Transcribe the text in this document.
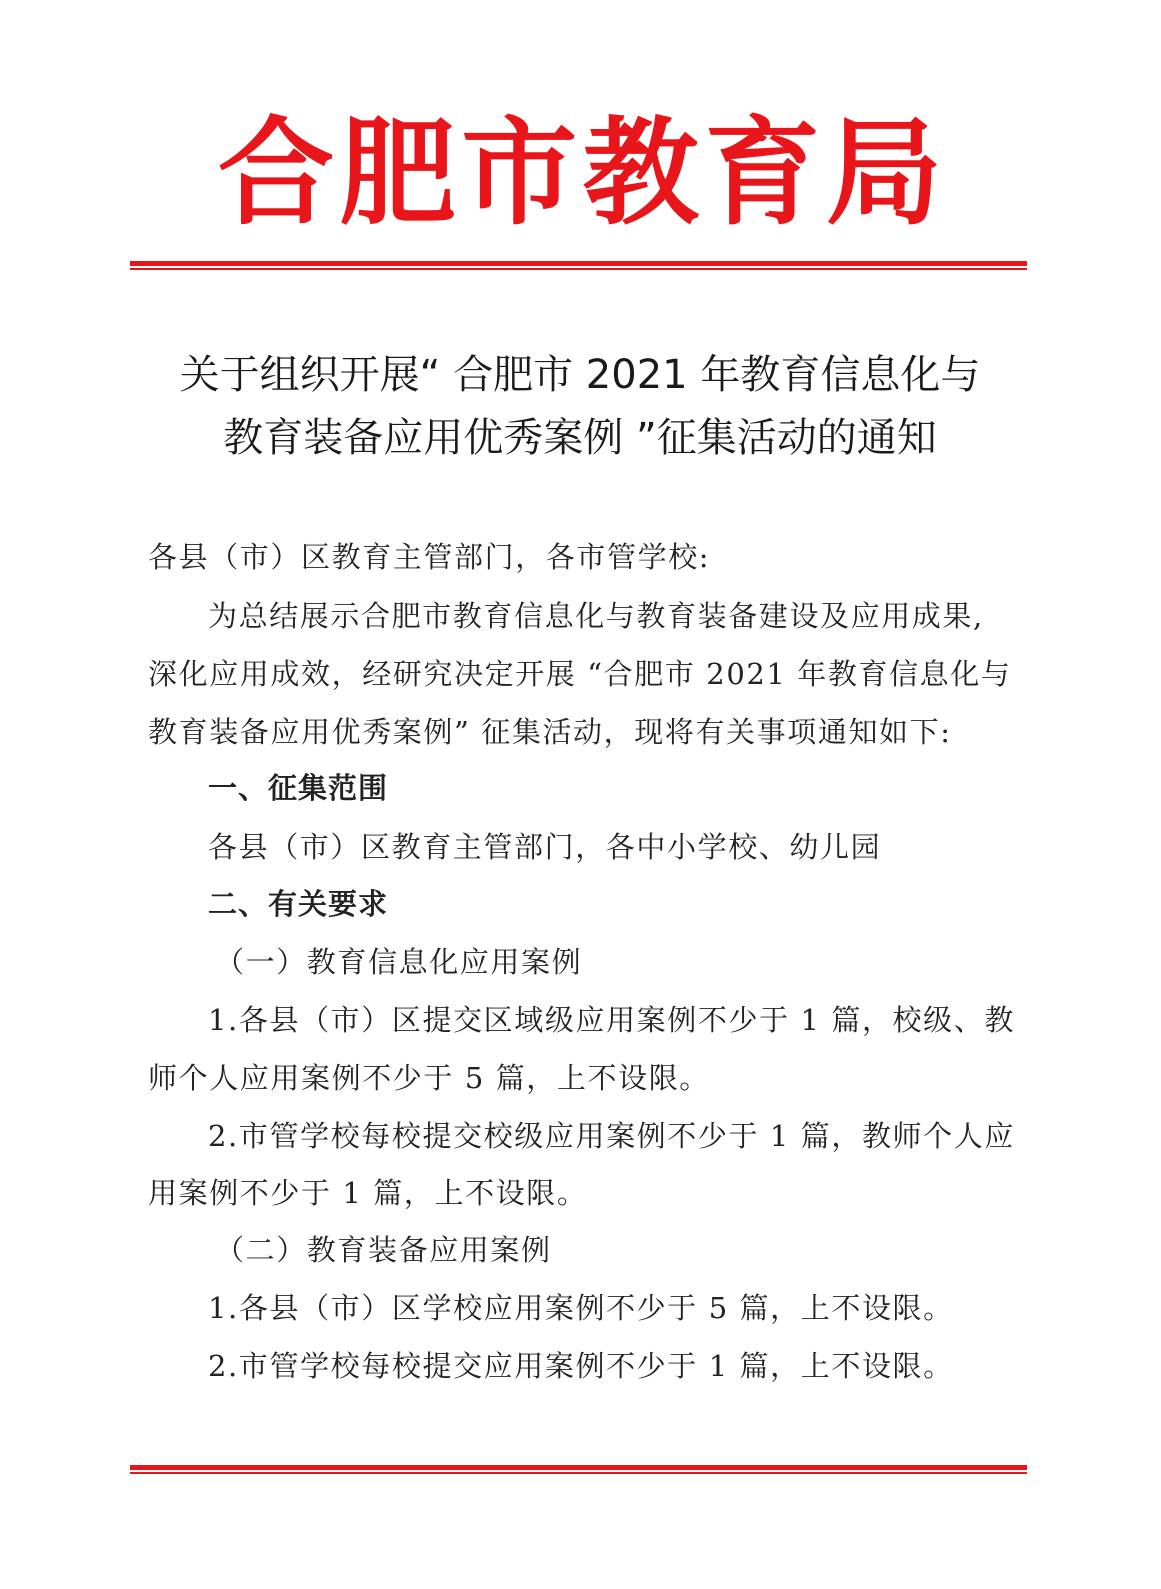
合 肥 市 教 育 局
关于组织开展“ 合肥市 2021 年教育信息化与
教育装备应用优秀案例 ”征集活动的通知
各县（市）区教育主管部门，各市管学校:
为总结展示合肥市教育信息化与教育装备建设及应用成果,
深化应用成效，经研究决定开展 “合肥市 2021 年教育信息化与
教育装备应用优秀案例” 征集活动，现将有关事项通知如下:
一、征集范围
各县（市）区教育主管部门，各中小学校、幼儿园
二、有关要求
（一）教育信息化应用案例
1.各县（市）区提交区域级应用案例不少于 1 篇，校级、教
师个人应用案例不少于 5 篇，上不设限。
2.市管学校每校提交校级应用案例不少于 1 篇，教师个人应
用案例不少于 1 篇，上不设限。
（二）教育装备应用案例
1.各县（市）区学校应用案例不少于 5 篇，上不设限。
2.市管学校每校提交应用案例不少于 1 篇，上不设限。
